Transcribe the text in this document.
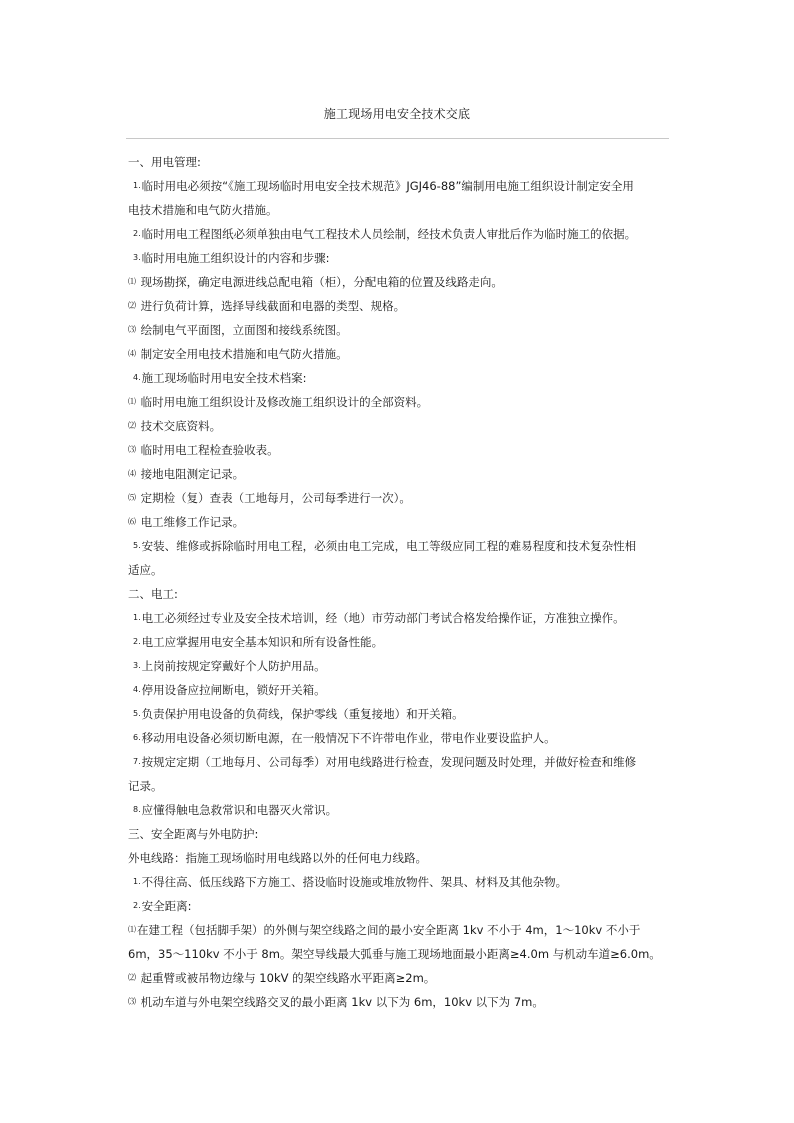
施工现场用电安全技术交底
一、用电管理:
1.临时用电必须按“《施工现场临时用电安全技术规范》JGJ46-88”编制用电施工组织设计制定安全用
电技术措施和电气防火措施。
2.临时用电工程图纸必须单独由电气工程技术人员绘制，经技术负责人审批后作为临时施工的依据。
3.临时用电施工组织设计的内容和步骤:
⑴ 现场勘探，确定电源进线总配电箱（柜），分配电箱的位置及线路走向。
⑵ 进行负荷计算，选择导线截面和电器的类型、规格。
⑶ 绘制电气平面图，立面图和接线系统图。
⑷ 制定安全用电技术措施和电气防火措施。
4.施工现场临时用电安全技术档案:
⑴ 临时用电施工组织设计及修改施工组织设计的全部资料。
⑵ 技术交底资料。
⑶ 临时用电工程检查验收表。
⑷ 接地电阻测定记录。
⑸ 定期检（复）查表（工地每月，公司每季进行一次）。
⑹ 电工维修工作记录。
5.安装、维修或拆除临时用电工程，必须由电工完成，电工等级应同工程的难易程度和技术复杂性相
适应。
二、电工:
1.电工必须经过专业及安全技术培训，经（地）市劳动部门考试合格发给操作证，方准独立操作。
2.电工应掌握用电安全基本知识和所有设备性能。
3.上岗前按规定穿戴好个人防护用品。
4.停用设备应拉闸断电，锁好开关箱。
5.负责保护用电设备的负荷线，保护零线（重复接地）和开关箱。
6.移动用电设备必须切断电源，在一般情况下不许带电作业，带电作业要设监护人。
7.按规定定期（工地每月、公司每季）对用电线路进行检查，发现问题及时处理，并做好检查和维修
记录。
8.应懂得触电急救常识和电器灭火常识。
三、安全距离与外电防护:
外电线路：指施工现场临时用电线路以外的任何电力线路。
1.不得往高、低压线路下方施工、搭设临时设施或堆放物件、架具、材料及其他杂物。
2.安全距离:
⑴在建工程（包括脚手架）的外侧与架空线路之间的最小安全距离 1kv 不小于 4m，1～10kv 不小于
6m，35～110kv 不小于 8m。架空导线最大弧垂与施工现场地面最小距离≥4.0m 与机动车道≥6.0m。
⑵ 起重臂或被吊物边缘与 10kV 的架空线路水平距离≥2m。
⑶ 机动车道与外电架空线路交叉的最小距离 1kv 以下为 6m，10kv 以下为 7m。
